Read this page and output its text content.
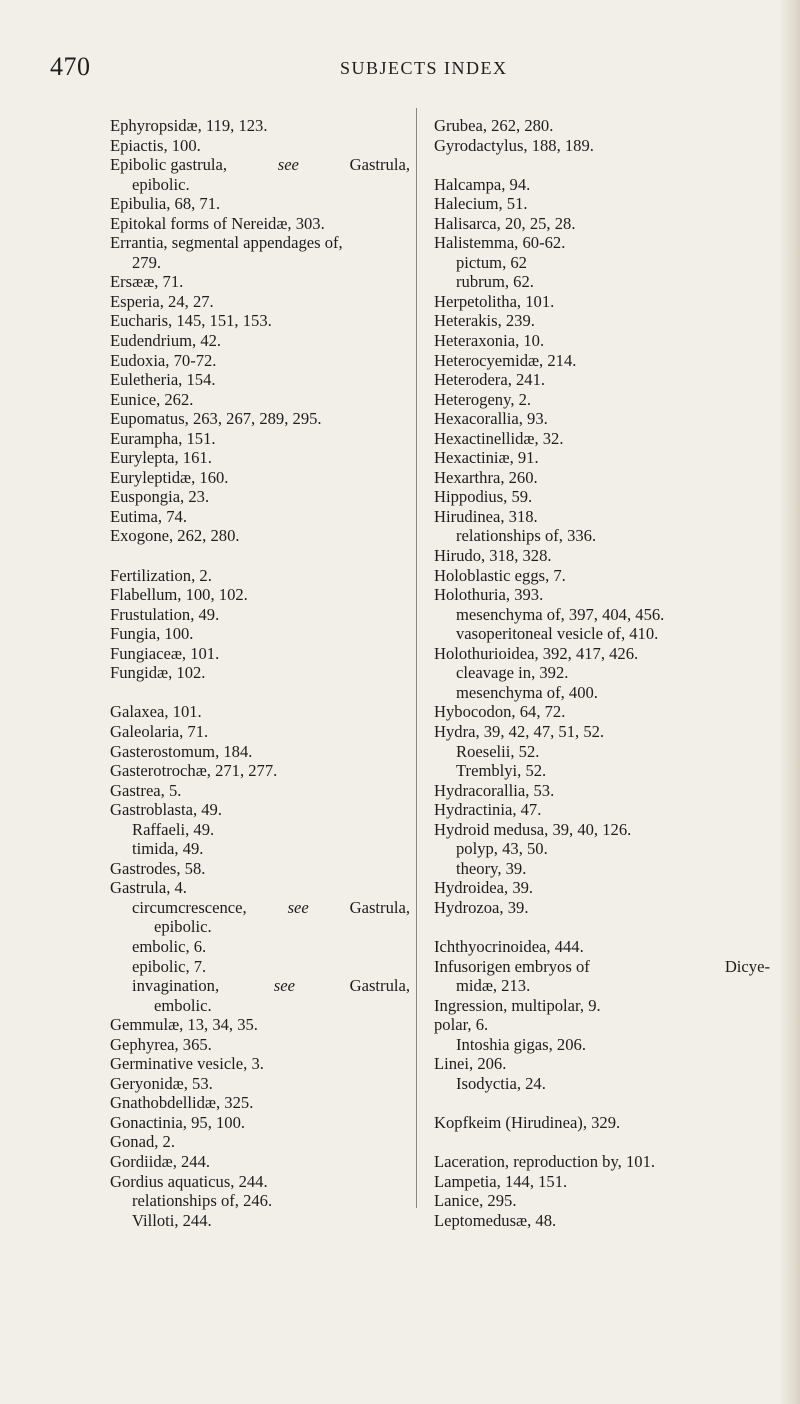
470	SUBJECTS INDEX
Ephyropsidæ, 119, 123.
Epiactis, 100.
Epibolic gastrula,	see	Gastrula,
epibolic.
Epibulia, 68, 71.
Epitokal forms of Nereidæ, 303.
Errantia, segmental appendages of,
279.
Ersææ, 71.
Esperia, 24, 27.
Eucharis, 145, 151, 153.
Eudendrium, 42.
Eudoxia, 70-72.
Euletheria, 154.
Eunice, 262.
Eupomatus, 263, 267, 289, 295.
Eurampha, 151.
Eurylepta, 161.
Euryleptidæ, 160.
Euspongia, 23.
Eutima, 74.
Exogone, 262, 280.
Fertilization, 2.
Flabellum, 100, 102.
Frustulation, 49.
Fungia, 100.
Fungiaceæ, 101.
Fungidæ, 102.
Galaxea, 101.
Galeolaria, 71.
Gasterostomum, 184.
Gasterotrochæ, 271, 277.
Gastrea, 5.
Gastroblasta, 49.
Raffaeli, 49.
timida, 49.
Gastrodes, 58.
Gastrula, 4.
circumcrescence, see Gastrula,
epibolic.
embolic, 6.
epibolic, 7.
invagination,	see	Gastrula,
embolic.
Gemmulæ, 13, 34, 35.
Gephyrea, 365.
Germinative vesicle, 3.
Geryonidæ, 53.
Gnathobdellidæ, 325.
Gonactinia, 95, 100.
Gonad, 2.
Gordiidæ, 244.
Gordius aquaticus, 244.
relationships of, 246.
Villoti, 244.
Grubea, 262, 280.
Gyrodactylus, 188, 189.
Halcampa, 94.
Halecium, 51.
Halisarca, 20, 25, 28.
Halistemma, 60-62.
pictum, 62
rubrum, 62.
Herpetolitha, 101.
Heterakis, 239.
Heteraxonia, 10.
Heterocyemidæ, 214.
Heterodera, 241.
Heterogeny, 2.
Hexacorallia, 93.
Hexactinellidæ, 32.
Hexactiniæ, 91.
Hexarthra, 260.
Hippodius, 59.
Hirudinea, 318.
relationships of, 336.
Hirudo, 318, 328.
Holoblastic eggs, 7.
Holothuria, 393.
mesenchyma of, 397, 404, 456.
vasoperitoneal vesicle of, 410.
Holothurioidea, 392, 417, 426.
cleavage in, 392.
mesenchyma of, 400.
Hybocodon, 64, 72.
Hydra, 39, 42, 47, 51, 52.
Roeselii, 52.
Tremblyi, 52.
Hydracorallia, 53.
Hydractinia, 47.
Hydroid medusa, 39, 40, 126.
polyp, 43, 50.
theory, 39.
Hydroidea, 39.
Hydrozoa, 39.
Ichthyocrinoidea, 444.
Infusorigen embryos of	Dicye-
midæ, 213.
Ingression, multipolar, 9.
polar, 6.
Intoshia gigas, 206.
Linei, 206.
Isodyctia, 24.
Kopfkeim (Hirudinea), 329.
Laceration, reproduction by, 101.
Lampetia, 144, 151.
Lanice, 295.
Leptomedusæ, 48.
